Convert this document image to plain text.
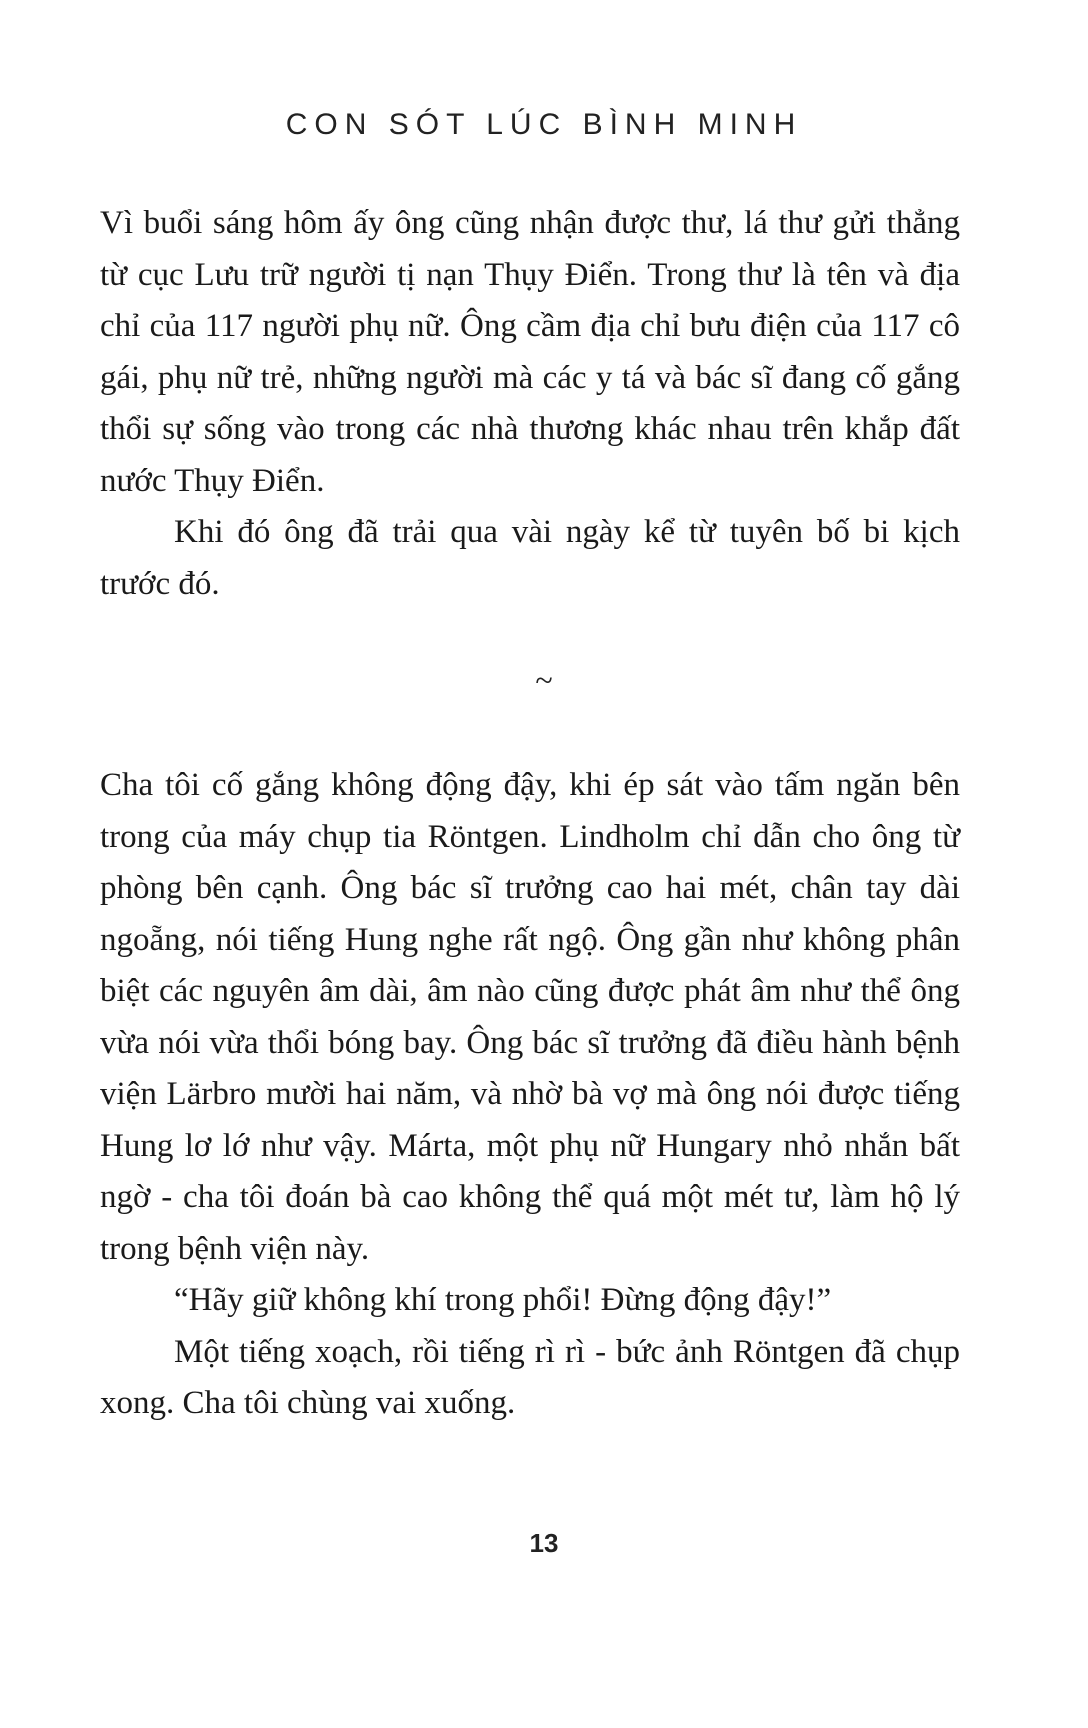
CON SÓT LÚC BÌNH MINH

Vì buổi sáng hôm ấy ông cũng nhận được thư, lá thư gửi thẳng từ cục Lưu trữ người tị nạn Thụy Điển. Trong thư là tên và địa chỉ của 117 người phụ nữ. Ông cầm địa chỉ bưu điện của 117 cô gái, phụ nữ trẻ, những người mà các y tá và bác sĩ đang cố gắng thổi sự sống vào trong các nhà thương khác nhau trên khắp đất nước Thụy Điển.

Khi đó ông đã trải qua vài ngày kể từ tuyên bố bi kịch trước đó.

~

Cha tôi cố gắng không động đậy, khi ép sát vào tấm ngăn bên trong của máy chụp tia Röntgen. Lindholm chỉ dẫn cho ông từ phòng bên cạnh. Ông bác sĩ trưởng cao hai mét, chân tay dài ngoẵng, nói tiếng Hung nghe rất ngộ. Ông gần như không phân biệt các nguyên âm dài, âm nào cũng được phát âm như thể ông vừa nói vừa thổi bóng bay. Ông bác sĩ trưởng đã điều hành bệnh viện Lärbro mười hai năm, và nhờ bà vợ mà ông nói được tiếng Hung lơ lớ như vậy. Márta, một phụ nữ Hungary nhỏ nhắn bất ngờ - cha tôi đoán bà cao không thể quá một mét tư, làm hộ lý trong bệnh viện này.

“Hãy giữ không khí trong phổi! Đừng động đậy!”

Một tiếng xoạch, rồi tiếng rì rì - bức ảnh Röntgen đã chụp xong. Cha tôi chùng vai xuống.

13
